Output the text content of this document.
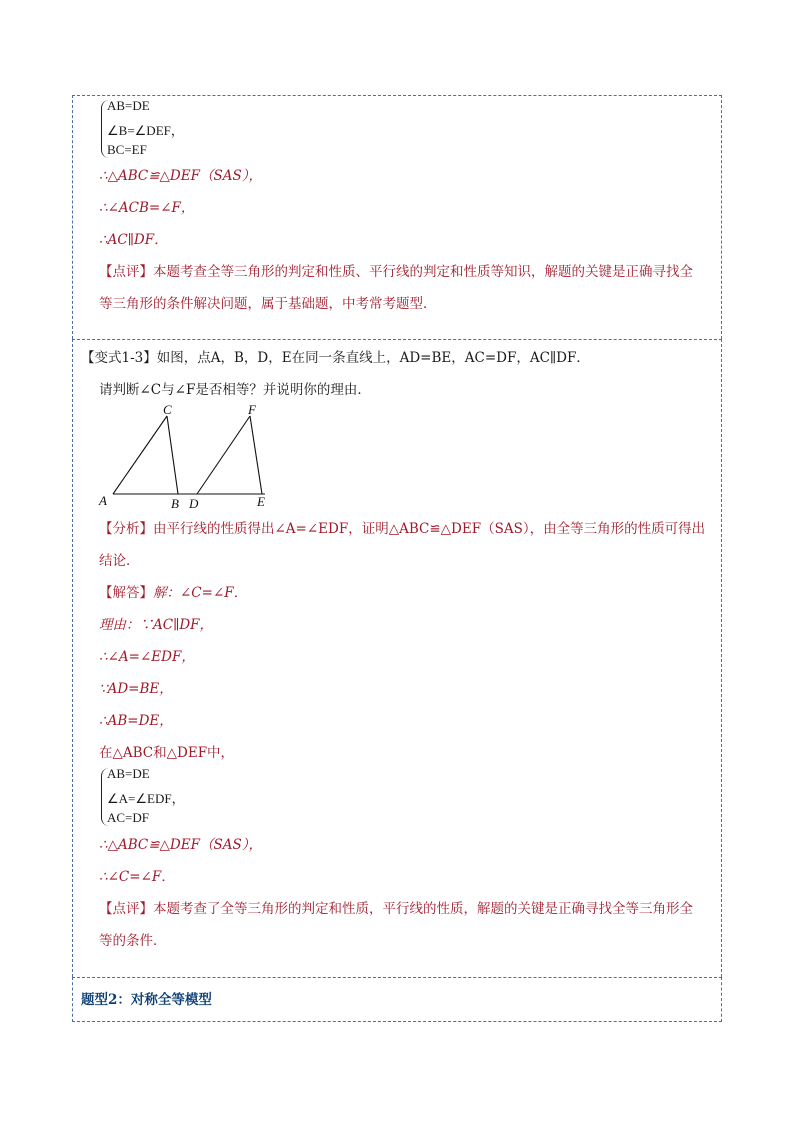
AB=DE
∠B=∠DEF，
BC=EF
∴△ABC≌△DEF（SAS），
∴∠ACB=∠F，
∴AC∥DF．
【点评】本题考查全等三角形的判定和性质、平行线的判定和性质等知识，解题的关键是正确寻找全
等三角形的条件解决问题，属于基础题，中考常考题型．
【变式1-3】如图，点A，B，D，E在同一条直线上，AD=BE，AC=DF，AC∥DF．
请判断∠C与∠F是否相等？并说明你的理由．
C	F
A	B D	E
【分析】由平行线的性质得出∠A=∠EDF，证明△ABC≌△DEF（SAS），由全等三角形的性质可得出
结论．
【解答】解：∠C=∠F．
理由：∵AC∥DF，
∴∠A=∠EDF，
∵AD=BE，
∴AB=DE，
在△ABC和△DEF中，
AB=DE
∠A=∠EDF，
AC=DF
∴△ABC≌△DEF（SAS），
∴∠C=∠F．
【点评】本题考查了全等三角形的判定和性质，平行线的性质，解题的关键是正确寻找全等三角形全
等的条件．
题型2：对称全等模型
